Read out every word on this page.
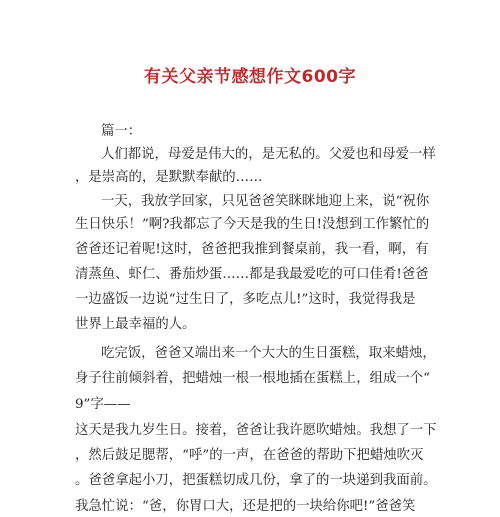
有关父亲节感想作文600字
篇一：
人们都说，母爱是伟大的，是无私的。父爱也和母爱一样
，是崇高的，是默默奉献的……
一天，我放学回家，只见爸爸笑眯眯地迎上来，说“祝你
生日快乐！”啊?我都忘了今天是我的生日!没想到工作繁忙的
爸爸还记着呢!这时，爸爸把我推到餐桌前，我一看，啊，有
清蒸鱼、虾仁、番茄炒蛋……都是我最爱吃的可口佳肴!爸爸
一边盛饭一边说“过生日了，多吃点儿!”这时，我觉得我是
世界上最幸福的人。
吃完饭，爸爸又端出来一个大大的生日蛋糕，取来蜡烛，
身子往前倾斜着，把蜡烛一根一根地插在蛋糕上，组成一个“
9”字——
这天是我九岁生日。接着，爸爸让我许愿吹蜡烛。我想了一下
，然后鼓足腮帮，“呼”的一声，在爸爸的帮助下把蜡烛吹灭
。爸爸拿起小刀，把蛋糕切成几份，拿了的一块递到我面前。
我急忙说：“爸，你胃口大，还是把的一块给你吧!”爸爸笑
